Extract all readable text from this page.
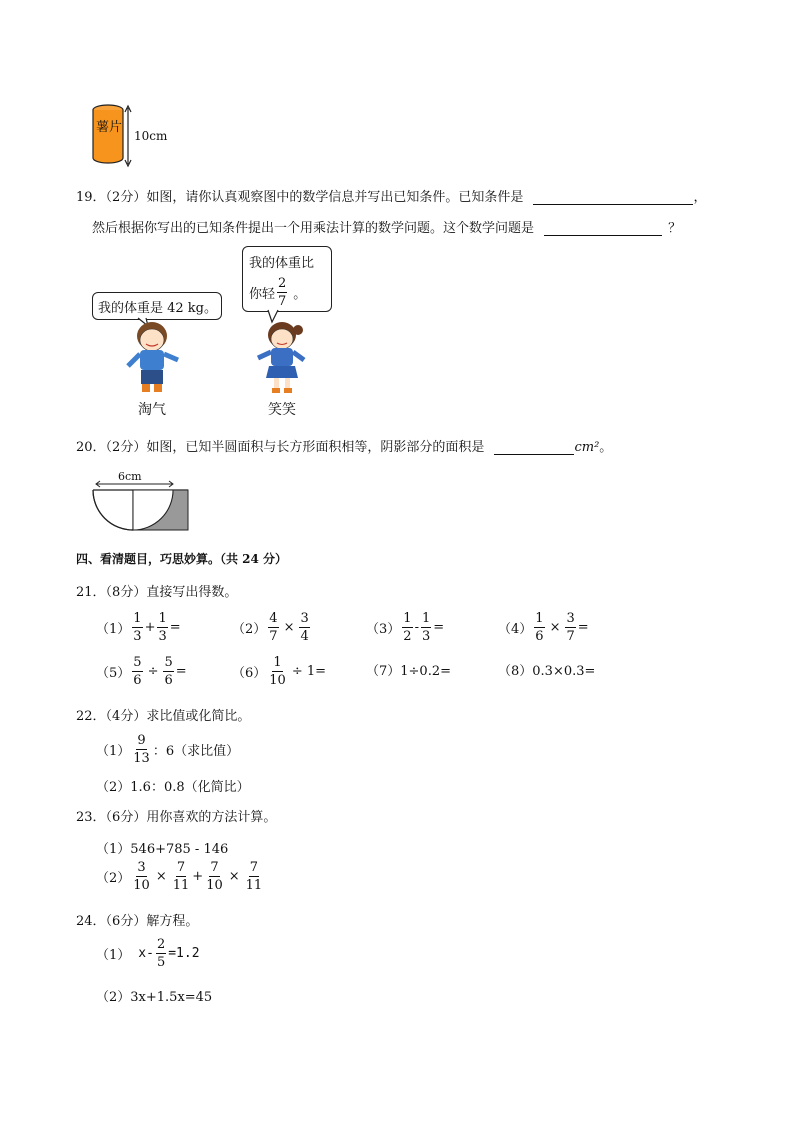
薯片
10cm
19．（2分）如图，请你认真观察图中的数学信息并写出已知条件。已知条件是	，
然后根据你写出的已知条件提出一个用乘法计算的数学问题。这个数学问题是	？
我的体重是 42 kg。
我的体重比
你轻 $\frac{2}{7}$ 。
淘气	笑笑
20．（2分）如图，已知半圆面积与长方形面积相等，阴影部分的面积是	cm²。
6cm
四、看清题目，巧思妙算。（共 24 分）
21．（8分）直接写出得数。
$(1) \frac{1}{3} + \frac{1}{3}$ =	$(2) \frac{4}{7} \times \frac{3}{4}$	$(3) \frac{1}{2} - \frac{1}{3}$ =	$(4) \frac{1}{6} \times \frac{3}{7}$ =
$(5) \frac{5}{6} \div \frac{5}{6}$ =	$(6) \frac{1}{10} \div 1=$	（7）1÷0.2=	（8）0.3×0.3=
22．（4分）求比值或化简比。
$(1) \frac{9}{13}$ ：6（求比值）
（2）1.6：0.8（化简比）
23．（6分）用你喜欢的方法计算。
（1）546+785 - 146
$(2) \frac{3}{10} \times \frac{7}{11} + \frac{7}{10} \times \frac{7}{11}$
24．（6分）解方程。
（1） $x- \frac{2}{5} =1.2$
（2）3x+1.5x=45
